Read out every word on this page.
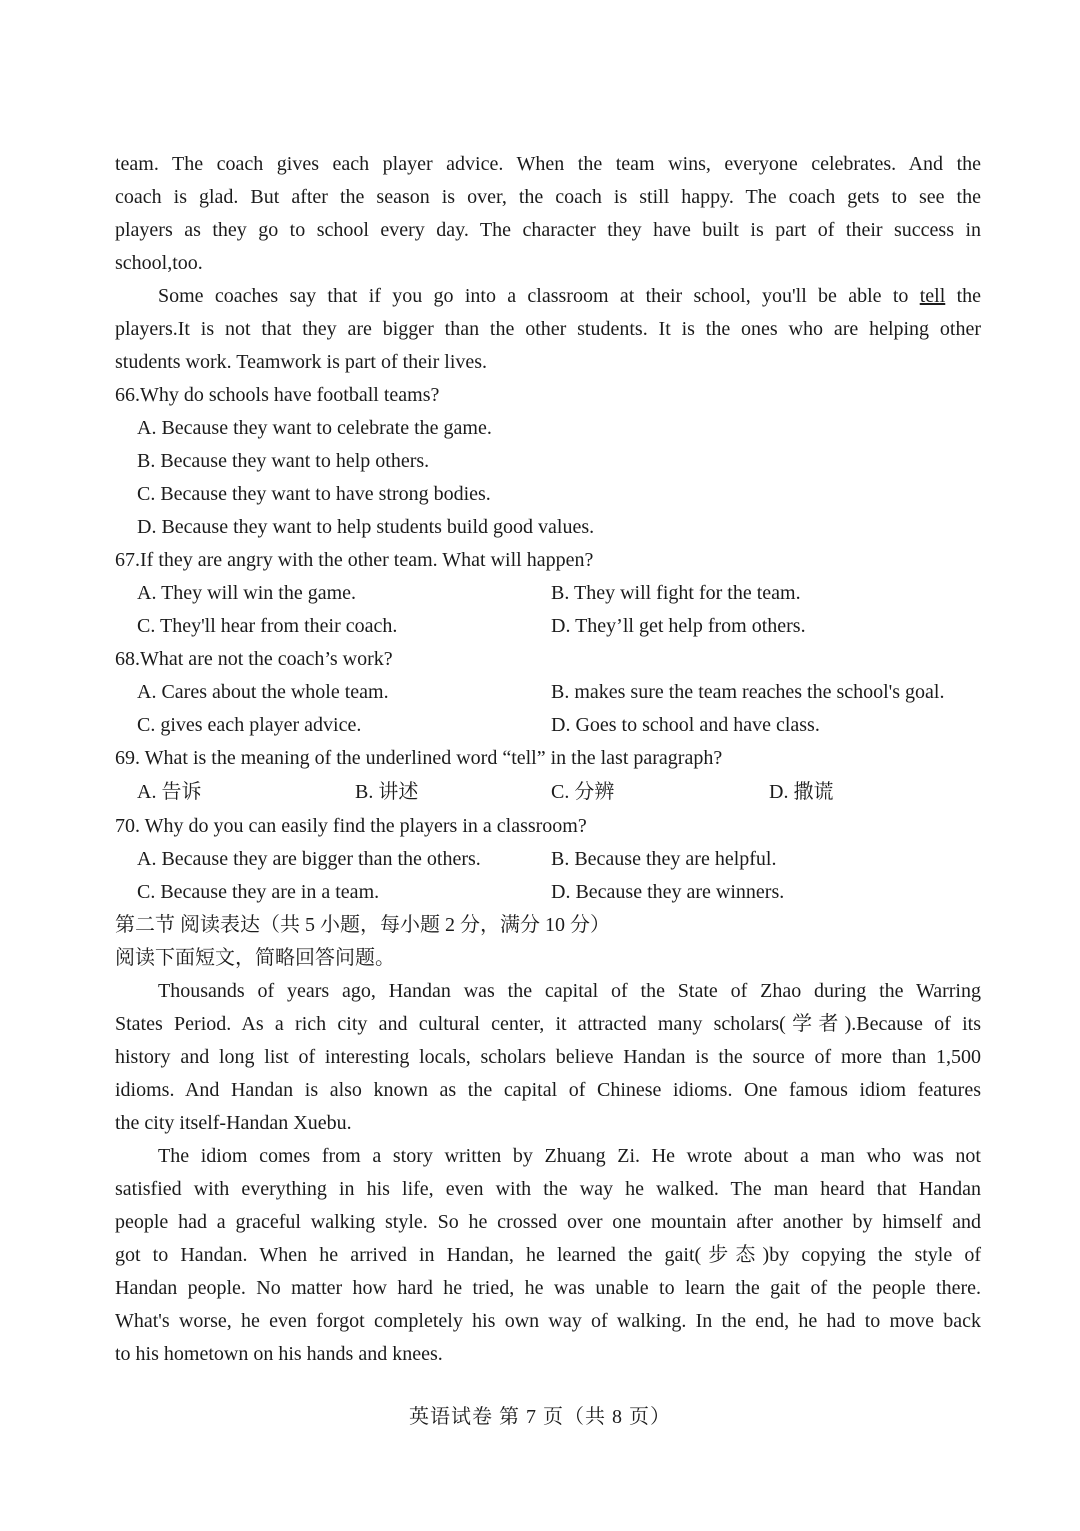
team. The coach gives each player advice. When the team wins, everyone celebrates. And the
coach is glad. But after the season is over, the coach is still happy. The coach gets to see the
players as they go to school every day. The character they have built is part of their success in
school,too.
Some coaches say that if you go into a classroom at their school, you'll be able to tell the
players.It is not that they are bigger than the other students. It is the ones who are helping other
students work. Teamwork is part of their lives.
66.Why do schools have football teams?
A. Because they want to celebrate the game.
B. Because they want to help others.
C. Because they want to have strong bodies.
D. Because they want to help students build good values.
67.If they are angry with the other team. What will happen?
A. They will win the game.	B. They will fight for the team.
C. They'll hear from their coach.	D. They’ll get help from others.
68.What are not the coach’s work?
A. Cares about the whole team.	B. makes sure the team reaches the school's goal.
C. gives each player advice.	D. Goes to school and have class.
69. What is the meaning of the underlined word “tell” in the last paragraph?
A. 告诉	B. 讲述	C. 分辨	D. 撒谎
70. Why do you can easily find the players in a classroom?
A. Because they are bigger than the others.	B. Because they are helpful.
C. Because they are in a team.	D. Because they are winners.
第二节 阅读表达（共 5 小题，每小题 2 分，满分 10 分）
阅读下面短文，简略回答问题。
Thousands of years ago, Handan was the capital of the State of Zhao during the Warring
States Period. As a rich city and cultural center, it attracted many scholars(学者).Because of its
history and long list of interesting locals, scholars believe Handan is the source of more than 1,500
idioms. And Handan is also known as the capital of Chinese idioms. One famous idiom features
the city itself-Handan Xuebu.
The idiom comes from a story written by Zhuang Zi. He wrote about a man who was not
satisfied with everything in his life, even with the way he walked. The man heard that Handan
people had a graceful walking style. So he crossed over one mountain after another by himself and
got to Handan. When he arrived in Handan, he learned the gait(步态)by copying the style of
Handan people. No matter how hard he tried, he was unable to learn the gait of the people there.
What's worse, he even forgot completely his own way of walking. In the end, he had to move back
to his hometown on his hands and knees.
英语试卷 第 7 页（共 8 页）
